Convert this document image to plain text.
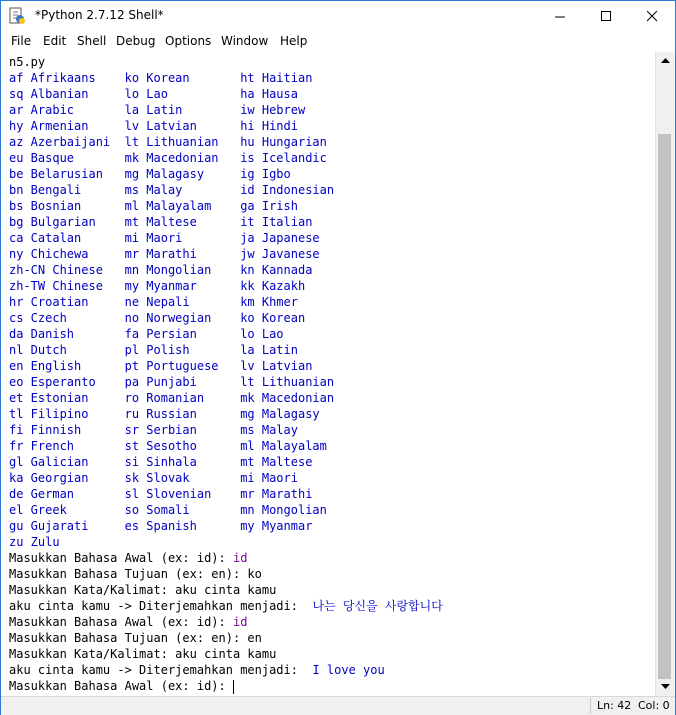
*Python 2.7.12 Shell*
File Edit Shell Debug Options Window Help
n5.py
af Afrikaans    ko Korean       ht Haitian
sq Albanian     lo Lao          ha Hausa
ar Arabic       la Latin        iw Hebrew
hy Armenian     lv Latvian      hi Hindi
az Azerbaijani  lt Lithuanian   hu Hungarian
eu Basque       mk Macedonian   is Icelandic
be Belarusian   mg Malagasy     ig Igbo
bn Bengali      ms Malay        id Indonesian
bs Bosnian      ml Malayalam    ga Irish
bg Bulgarian    mt Maltese      it Italian
ca Catalan      mi Maori        ja Japanese
ny Chichewa     mr Marathi      jw Javanese
zh-CN Chinese   mn Mongolian    kn Kannada
zh-TW Chinese   my Myanmar      kk Kazakh
hr Croatian     ne Nepali       km Khmer
cs Czech        no Norwegian    ko Korean
da Danish       fa Persian      lo Lao
nl Dutch        pl Polish       la Latin
en English      pt Portuguese   lv Latvian
eo Esperanto    pa Punjabi      lt Lithuanian
et Estonian     ro Romanian     mk Macedonian
tl Filipino     ru Russian      mg Malagasy
fi Finnish      sr Serbian      ms Malay
fr French       st Sesotho      ml Malayalam
gl Galician     si Sinhala      mt Maltese
ka Georgian     sk Slovak       mi Maori
de German       sl Slovenian    mr Marathi
el Greek        so Somali       mn Mongolian
gu Gujarati     es Spanish      my Myanmar
zu Zulu
Masukkan Bahasa Awal (ex: id): id
Masukkan Bahasa Tujuan (ex: en): ko
Masukkan Kata/Kalimat: aku cinta kamu
aku cinta kamu -> Diterjemahkan menjadi:  나는 당신을 사랑합니다
Masukkan Bahasa Awal (ex: id): id
Masukkan Bahasa Tujuan (ex: en): en
Masukkan Kata/Kalimat: aku cinta kamu
aku cinta kamu -> Diterjemahkan menjadi:  I love you
Masukkan Bahasa Awal (ex: id):
Ln: 42 Col: 0
